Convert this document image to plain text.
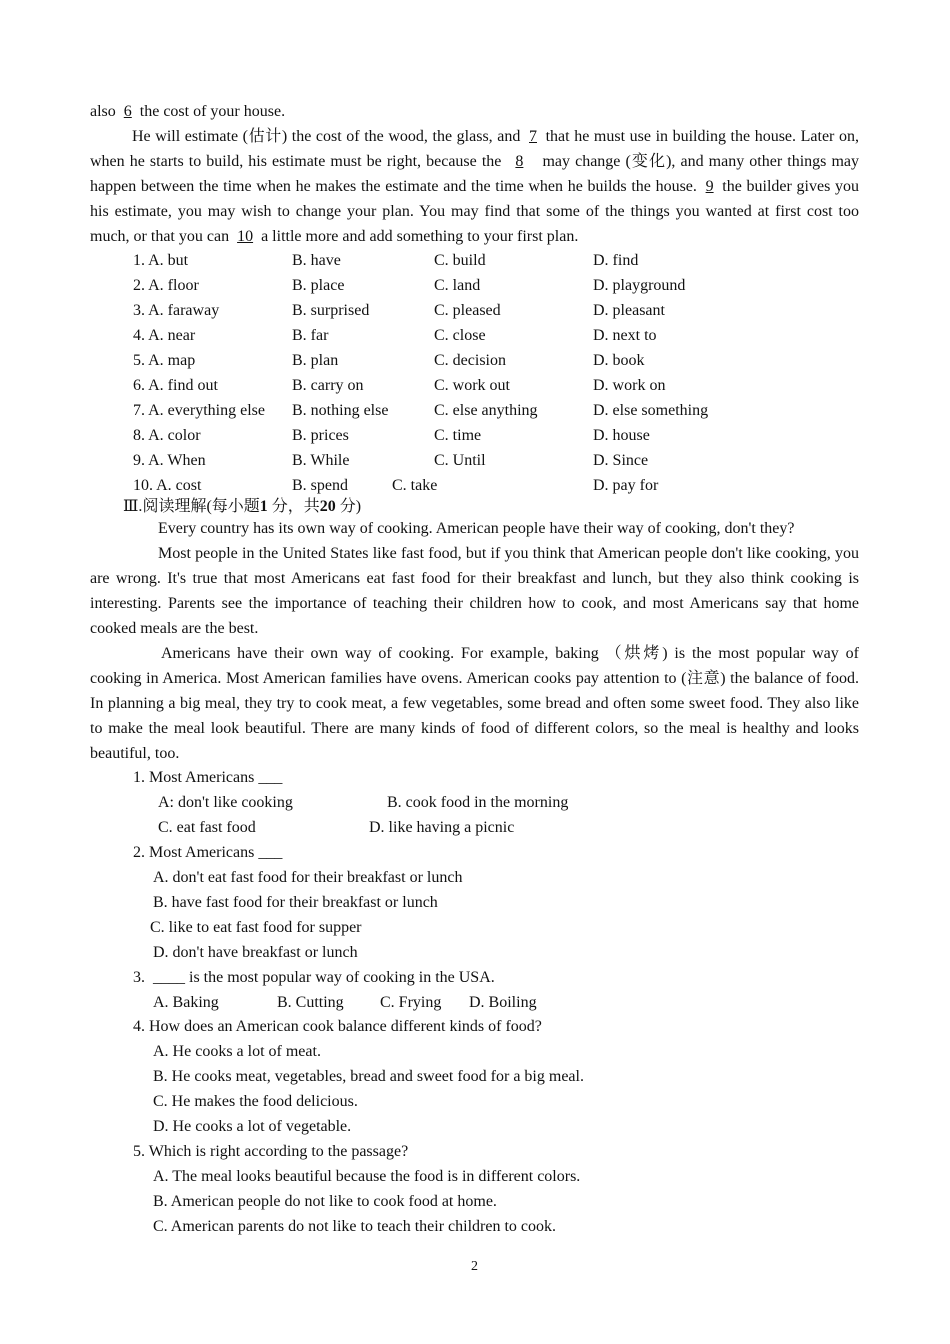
also 6 the cost of your house.
He will estimate (估计) the cost of the wood, the glass, and 7 that he must use in building the house. Later on, when he starts to build, his estimate must be right, because the 8 may change (变化), and many other things may happen between the time when he makes the estimate and the time when he builds the house. 9 the builder gives you his estimate, you may wish to change your plan. You may find that some of the things you wanted at first cost too much, or that you can 10 a little more and add something to your first plan.
1. A. but	B. have	C. build	D. find
2. A. floor	B. place	C. land	D. playground
3. A. faraway	B. surprised	C. pleased	D. pleasant
4. A. near	B. far	C. close	D. next to
5. A. map	B. plan	C. decision	D. book
6. A. find out	B. carry on	C. work out	D. work on
7. A. everything else B. nothing else	C. else anything	D. else something
8. A. color	B. prices	C. time	D. house
9. A. When	B. While	C. Until	D. Since
10. A. cost	B. spend	C. take	D. pay for
Ⅲ.阅读理解(每小题1 分，共20 分)
Every country has its own way of cooking. American people have their way of cooking, don't they?
Most people in the United States like fast food, but if you think that American people don't like cooking, you are wrong. It's true that most Americans eat fast food for their breakfast and lunch, but they also think cooking is interesting. Parents see the importance of teaching their children how to cook, and most Americans say that home cooked meals are the best.
Americans have their own way of cooking. For example, baking （烘烤) is the most popular way of cooking in America. Most American families have ovens. American cooks pay attention to (注意) the balance of food. In planning a big meal, they try to cook meat, a few vegetables, some bread and often some sweet food. They also like to make the meal look beautiful. There are many kinds of food of different colors, so the meal is healthy and looks beautiful, too.
1. Most Americans ___
A: don't like cooking	B. cook food in the morning
C. eat fast food	D. like having a picnic
2. Most Americans ___
A. don't eat fast food for their breakfast or lunch
B. have fast food for their breakfast or lunch
C. like to eat fast food for supper
D. don't have breakfast or lunch
3.  ____ is the most popular way of cooking in the USA.
A. Baking	B. Cutting C. Frying D. Boiling
4. How does an American cook balance different kinds of food?
A. He cooks a lot of meat.
B. He cooks meat, vegetables, bread and sweet food for a big meal.
C. He makes the food delicious.
D. He cooks a lot of vegetable.
5. Which is right according to the passage?
A. The meal looks beautiful because the food is in different colors.
B. American people do not like to cook food at home.
C. American parents do not like to teach their children to cook.
2
